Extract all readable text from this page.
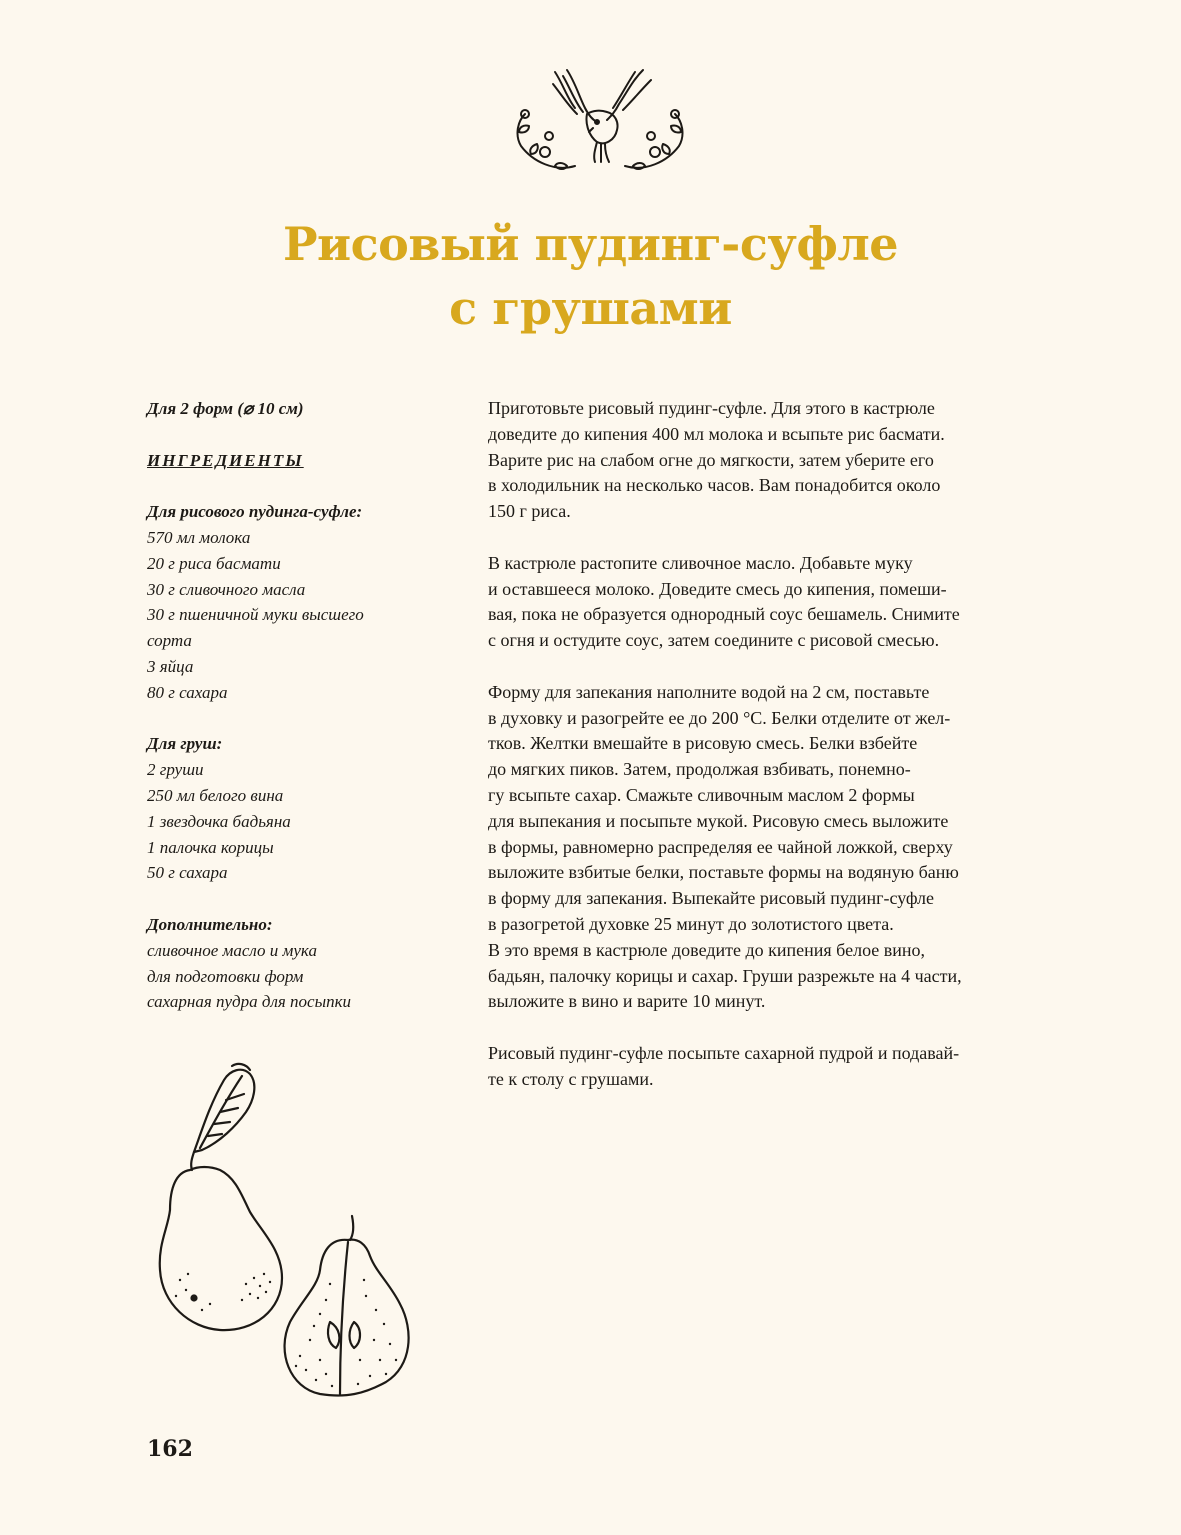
Рисовый пудинг-суфле
с грушами
Для 2 форм (⌀ 10 см)
ИНГРЕДИЕНТЫ
Для рисового пудинга-суфле:
570 мл молока
20 г риса басмати
30 г сливочного масла
30 г пшеничной муки высшего
сорта
3 яйца
80 г сахара
Для груш:
2 груши
250 мл белого вина
1 звездочка бадьяна
1 палочка корицы
50 г сахара
Дополнительно:
сливочное масло и мука
для подготовки форм
сахарная пудра для посыпки
Приготовьте рисовый пудинг-суфле. Для этого в кастрюле
доведите до кипения 400 мл молока и всыпьте рис басмати.
Варите рис на слабом огне до мягкости, затем уберите его
в холодильник на несколько часов. Вам понадобится около
150 г риса.
В кастрюле растопите сливочное масло. Добавьте муку
и оставшееся молоко. Доведите смесь до кипения, помеши-
вая, пока не образуется однородный соус бешамель. Снимите
с огня и остудите соус, затем соедините с рисовой смесью.
Форму для запекания наполните водой на 2 см, поставьте
в духовку и разогрейте ее до 200 °С. Белки отделите от жел-
тков. Желтки вмешайте в рисовую смесь. Белки взбейте
до мягких пиков. Затем, продолжая взбивать, понемно-
гу всыпьте сахар. Смажьте сливочным маслом 2 формы
для выпекания и посыпьте мукой. Рисовую смесь выложите
в формы, равномерно распределяя ее чайной ложкой, сверху
выложите взбитые белки, поставьте формы на водяную баню
в форму для запекания. Выпекайте рисовый пудинг-суфле
в разогретой духовке 25 минут до золотистого цвета.
В это время в кастрюле доведите до кипения белое вино,
бадьян, палочку корицы и сахар. Груши разрежьте на 4 части,
выложите в вино и варите 10 минут.
Рисовый пудинг-суфле посыпьте сахарной пудрой и подавай-
те к столу с грушами.
162
